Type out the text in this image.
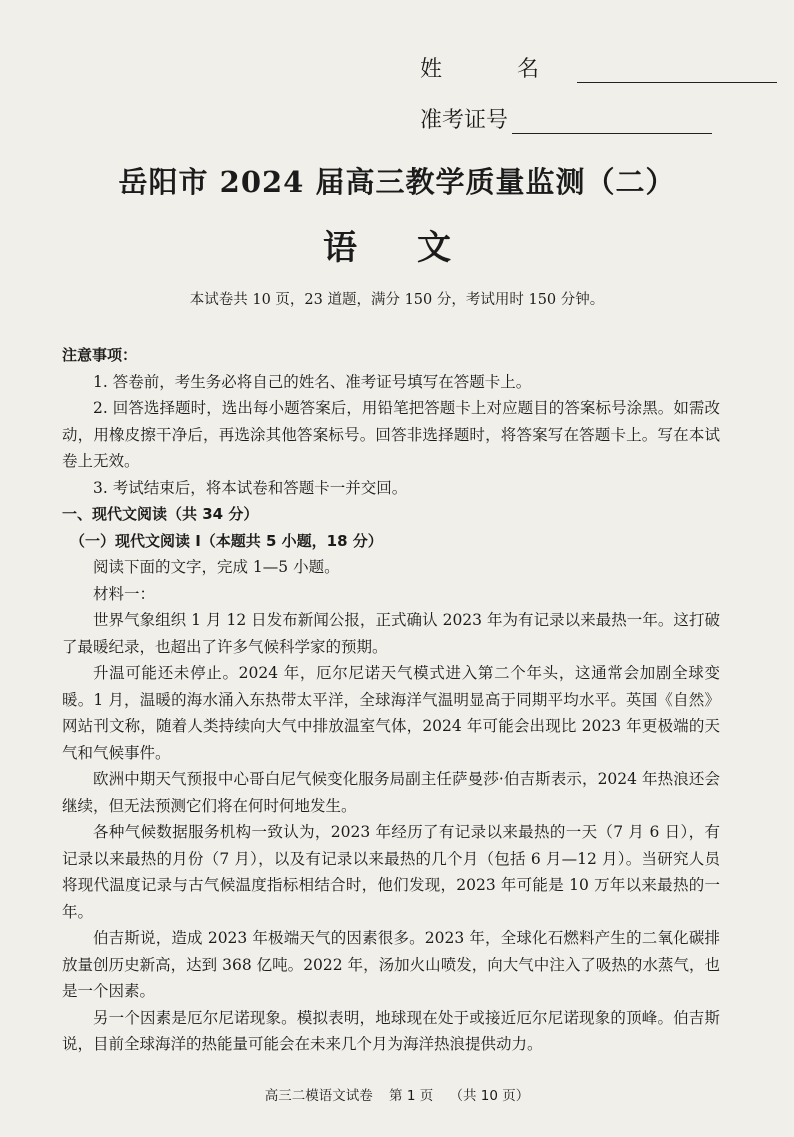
姓 名
准考证号
岳阳市 2024 届高三教学质量监测（二）
语文
本试卷共 10 页，23 道题，满分 150 分，考试用时 150 分钟。

注意事项：

1. 答卷前，考生务必将自己的姓名、准考证号填写在答题卡上。

2. 回答选择题时，选出每小题答案后，用铅笔把答题卡上对应题目的答案标号涂黑。如需改动，用橡皮擦干净后，再选涂其他答案标号。回答非选择题时，将答案写在答题卡上。写在本试卷上无效。

3. 考试结束后，将本试卷和答题卡一并交回。

一、现代文阅读（共 34 分）

（一）现代文阅读 I（本题共 5 小题，18 分）

阅读下面的文字，完成 1—5 小题。

材料一：

世界气象组织 1 月 12 日发布新闻公报，正式确认 2023 年为有记录以来最热一年。这打破了最暖纪录，也超出了许多气候科学家的预期。

升温可能还未停止。2024 年，厄尔尼诺天气模式进入第二个年头，这通常会加剧全球变暖。1 月，温暖的海水涌入东热带太平洋，全球海洋气温明显高于同期平均水平。英国《自然》网站刊文称，随着人类持续向大气中排放温室气体，2024 年可能会出现比 2023 年更极端的天气和气候事件。

欧洲中期天气预报中心哥白尼气候变化服务局副主任萨曼莎·伯吉斯表示，2024 年热浪还会继续，但无法预测它们将在何时何地发生。

各种气候数据服务机构一致认为，2023 年经历了有记录以来最热的一天（7 月 6 日），有记录以来最热的月份（7 月），以及有记录以来最热的几个月（包括 6 月—12 月）。当研究人员将现代温度记录与古气候温度指标相结合时，他们发现，2023 年可能是 10 万年以来最热的一年。

伯吉斯说，造成 2023 年极端天气的因素很多。2023 年，全球化石燃料产生的二氧化碳排放量创历史新高，达到 368 亿吨。2022 年，汤加火山喷发，向大气中注入了吸热的水蒸气，也是一个因素。

另一个因素是厄尔尼诺现象。模拟表明，地球现在处于或接近厄尔尼诺现象的顶峰。伯吉斯说，目前全球海洋的热能量可能会在未来几个月为海洋热浪提供动力。

高三二模语文试卷 第 1 页 （共 10 页）
